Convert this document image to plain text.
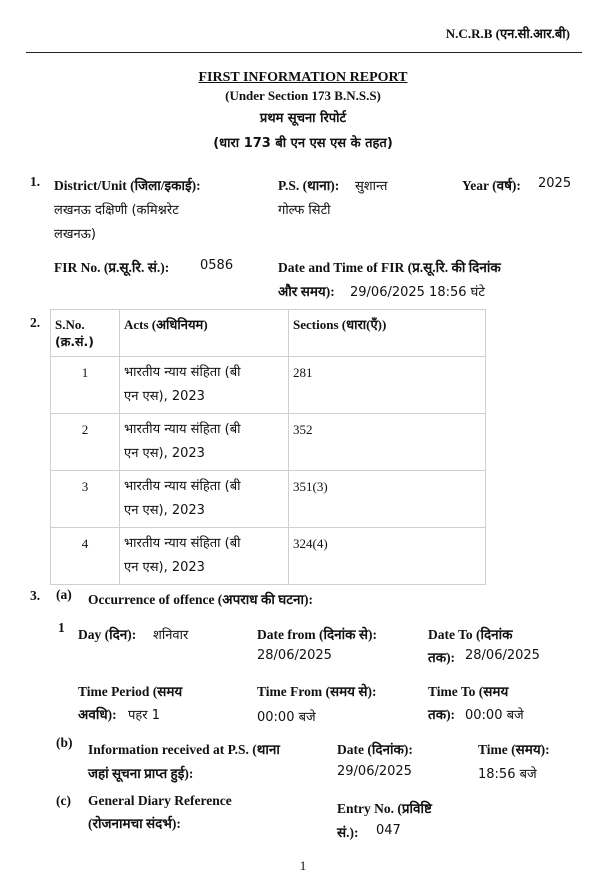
N.C.R.B (एन.सी.आर.बी)
FIRST INFORMATION REPORT
(Under Section 173 B.N.S.S)
प्रथम सूचना रिपोर्ट
(धारा 173 बी एन एस एस के तहत)
1. District/Unit (जिला/इकाई):
लखनऊ दक्षिणी (कमिश्नरेट
लखनऊ)
P.S. (थाना): सुशान्त
गोल्फ सिटी
Year (वर्ष): 2025
FIR No. (प्र.सू.रि. सं.): 0586	Date and Time of FIR (प्र.सू.रि. की दिनांक
और समय): 29/06/2025 18:56 घंटे
2. S.No.
(क्र.सं.)	Acts (अधिनियम)	Sections (धारा(एँ))
1	भारतीय न्याय संहिता (बी
एन एस), 2023	281
2	भारतीय न्याय संहिता (बी
एन एस), 2023	352
3	भारतीय न्याय संहिता (बी
एन एस), 2023	351(3)
4	भारतीय न्याय संहिता (बी
एन एस), 2023	324(4)
3. (a) Occurrence of offence (अपराध की घटना):
1 Day (दिन): शनिवार	Date from (दिनांक से):
28/06/2025
Date To (दिनांक
तक): 28/06/2025
Time Period (समय
अवधि): पहर 1
Time From (समय से):
00:00 बजे
Time To (समय
तक): 00:00 बजे
(b) Information received at P.S. (थाना
जहां सूचना प्राप्त हुई):
Date (दिनांक):
29/06/2025
Time (समय):
18:56 बजे
(c) General Diary Reference
(रोजनामचा संदर्भ):
Entry No. (प्रविष्टि
सं.): 047
1
